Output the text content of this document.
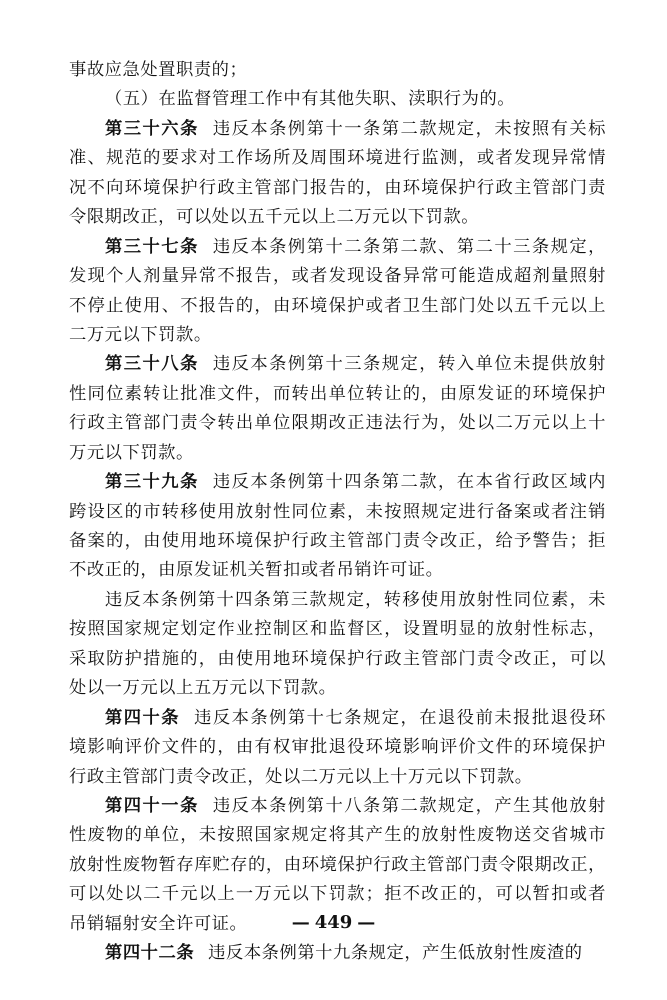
事故应急处置职责的；
（五）在监督管理工作中有其他失职、渎职行为的。
第三十六条 违反本条例第十一条第二款规定，未按照有关标
准、规范的要求对工作场所及周围环境进行监测，或者发现异常情
况不向环境保护行政主管部门报告的，由环境保护行政主管部门责
令限期改正，可以处以五千元以上二万元以下罚款。
第三十七条 违反本条例第十二条第二款、第二十三条规定，
发现个人剂量异常不报告，或者发现设备异常可能造成超剂量照射
不停止使用、不报告的，由环境保护或者卫生部门处以五千元以上
二万元以下罚款。
第三十八条 违反本条例第十三条规定，转入单位未提供放射
性同位素转让批准文件，而转出单位转让的，由原发证的环境保护
行政主管部门责令转出单位限期改正违法行为，处以二万元以上十
万元以下罚款。
第三十九条 违反本条例第十四条第二款，在本省行政区域内
跨设区的市转移使用放射性同位素，未按照规定进行备案或者注销
备案的，由使用地环境保护行政主管部门责令改正，给予警告；拒
不改正的，由原发证机关暂扣或者吊销许可证。
违反本条例第十四条第三款规定，转移使用放射性同位素，未
按照国家规定划定作业控制区和监督区，设置明显的放射性标志，
采取防护措施的，由使用地环境保护行政主管部门责令改正，可以
处以一万元以上五万元以下罚款。
第四十条 违反本条例第十七条规定，在退役前未报批退役环
境影响评价文件的，由有权审批退役环境影响评价文件的环境保护
行政主管部门责令改正，处以二万元以上十万元以下罚款。
第四十一条 违反本条例第十八条第二款规定，产生其他放射
性废物的单位，未按照国家规定将其产生的放射性废物送交省城市
放射性废物暂存库贮存的，由环境保护行政主管部门责令限期改正，
可以处以二千元以上一万元以下罚款；拒不改正的，可以暂扣或者
吊销辐射安全许可证。
第四十二条 违反本条例第十九条规定，产生低放射性废渣的
— 449 —
